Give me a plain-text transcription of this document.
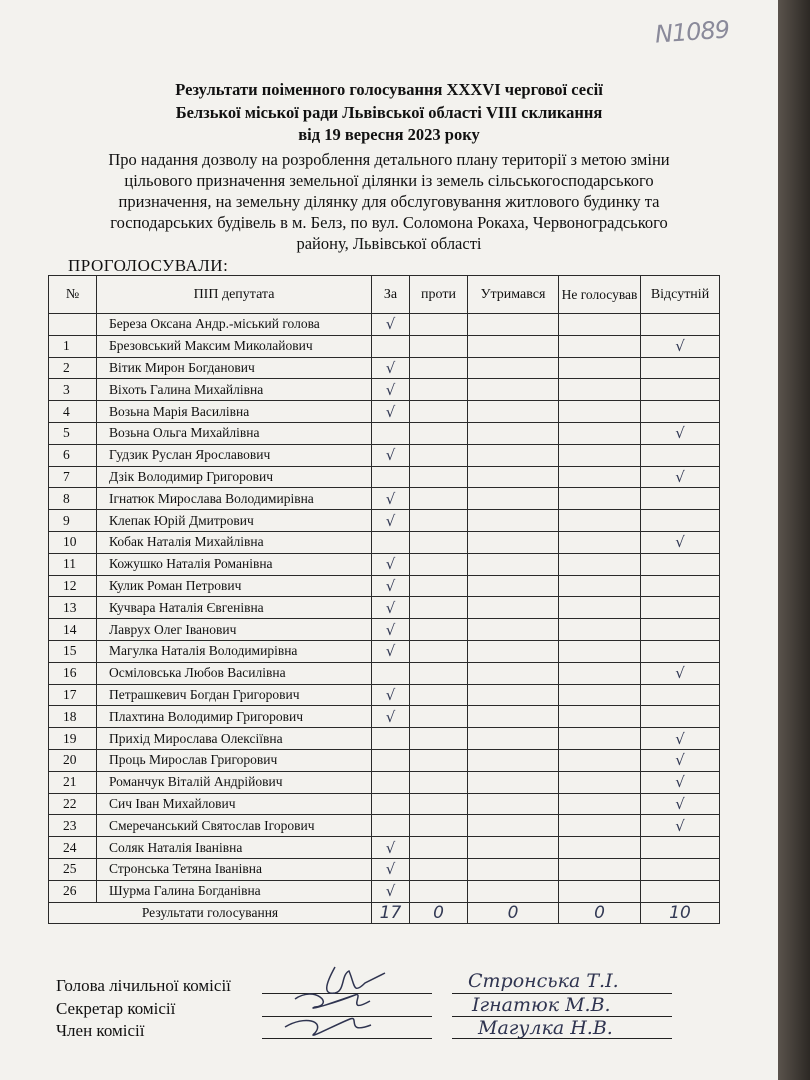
N1089
Результати поіменного голосування XXXVI чергової сесії
Белзької міської ради Львівської області VIII скликання
від 19 вересня 2023 року
Про надання дозволу на розроблення детального плану території з метою зміни
цільового призначення земельної ділянки із земель сільськогосподарського
призначення, на земельну ділянку для обслуговування житлового будинку та
господарських будівель в м. Белз, по вул. Соломона Рокаха, Червоноградського
району, Львівської області
ПРОГОЛОСУВАЛИ:
№	ПІП депутата	За	проти	Утримався	Не голосував	Відсутній
	Береза Оксана Андр.-міський голова	√				
1	Брезовський Максим Миколайович					√
2	Вітик Мирон Богданович	√				
3	Віхоть Галина Михайлівна	√				
4	Возьна Марія Василівна	√				
5	Возьна Ольга Михайлівна					√
6	Гудзик Руслан Ярославович	√				
7	Дзік Володимир Григорович					√
8	Ігнатюк Мирослава Володимирівна	√				
9	Клепак Юрій Дмитрович	√				
10	Кобак Наталія Михайлівна					√
11	Кожушко Наталія Романівна	√				
12	Кулик Роман Петрович	√				
13	Кучвара Наталія Євгенівна	√				
14	Лаврух Олег Іванович	√				
15	Магулка Наталія Володимирівна	√				
16	Осміловська Любов Василівна					√
17	Петрашкевич Богдан Григорович	√				
18	Плахтина Володимир Григорович	√				
19	Прихід Мирослава Олексіївна					√
20	Проць Мирослав Григорович					√
21	Романчук Віталій Андрійович					√
22	Сич Іван Михайлович					√
23	Смеречанський Святослав Ігорович					√
24	Соляк Наталія Іванівна	√				
25	Стронська Тетяна Іванівна	√				
26	Шурма Галина Богданівна	√				
Результати голосування		17	0	0	0	10
Голова лічильної комісії	Стронська Т.І.
Секретар комісії	Ігнатюк М.В.
Член комісії	Магулка Н.В.
